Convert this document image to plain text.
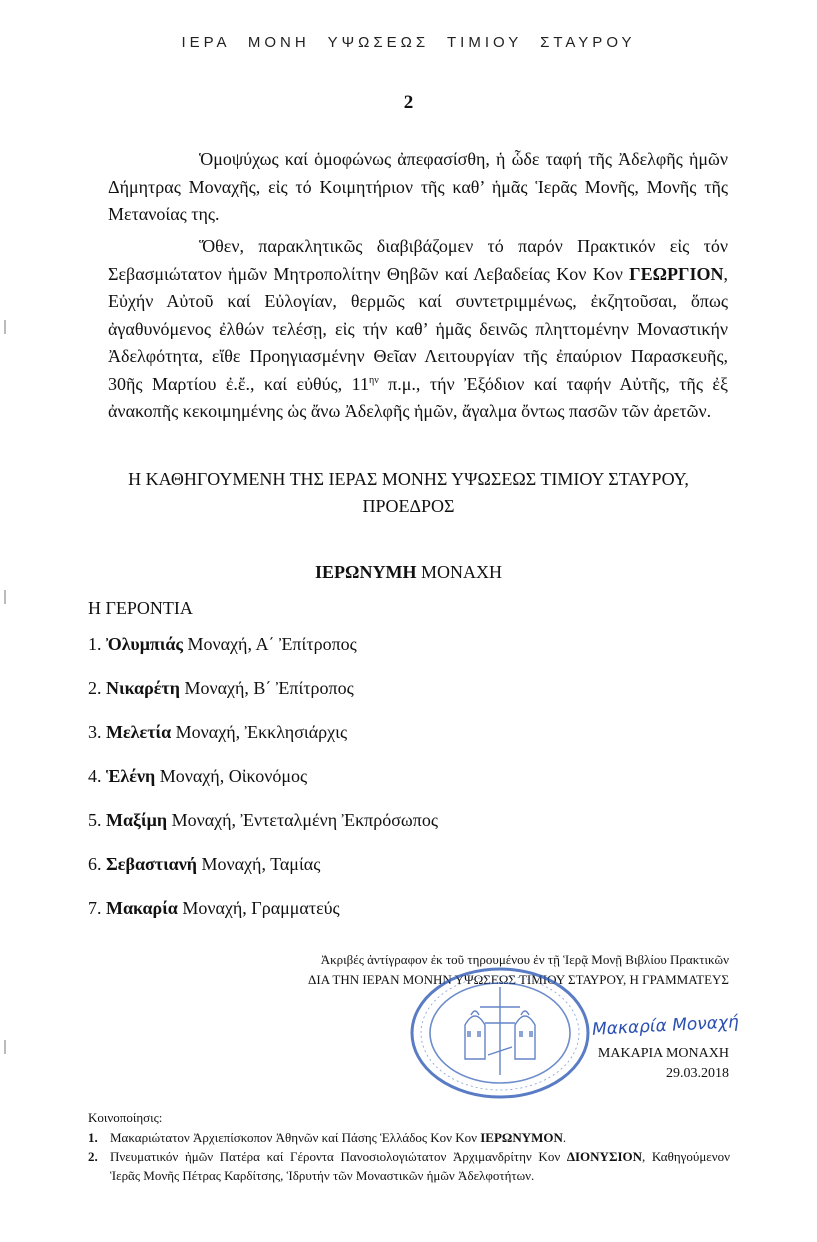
ΙΕΡΑ ΜΟΝΗ ΥΨΩΣΕΩΣ ΤΙΜΙΟΥ ΣΤΑΥΡΟΥ
2

Ὁμοψύχως καί ὁμοφώνως ἀπεφασίσθη, ἡ ὧδε ταφή τῆς Ἀδελφῆς ἡμῶν Δήμητρας Μοναχῆς, εἰς τό Κοιμητήριον τῆς καθ’ ἡμᾶς Ἱερᾶς Μονῆς, Μονῆς τῆς Μετανοίας της.

Ὅθεν, παρακλητικῶς διαβιβάζομεν τό παρόν Πρακτικόν εἰς τόν Σεβασμιώτατον ἡμῶν Μητροπολίτην Θηβῶν καί Λεβαδείας Κον Κον ΓΕΩΡΓΙΟΝ, Εὐχήν Αὐτοῦ καί Εὐλογίαν, θερμῶς καί συντετριμμένως, ἐκζητοῦσαι, ὅπως ἀγαθυνόμενος ἐλθών τελέσῃ, εἰς τήν καθ’ ἡμᾶς δεινῶς πληττομένην Μοναστικήν Ἀδελφότητα, εἴθε Προηγιασμένην Θεῖαν Λειτουργίαν τῆς ἐπαύριον Παρασκευῆς, 30ῆς Μαρτίου ἐ.ἔ., καί εὐθύς, $11^{\eta\nu}$ π.μ., τήν Ἐξόδιον καί ταφήν Αὐτῆς, τῆς ἐξ ἀνακοπῆς κεκοιμημένης ὡς ἄνω Ἀδελφῆς ἡμῶν, ἄγαλμα ὄντως πασῶν τῶν ἀρετῶν.

Η ΚΑΘΗΓΟΥΜΕΝΗ ΤΗΣ ΙΕΡΑΣ ΜΟΝΗΣ ΥΨΩΣΕΩΣ ΤΙΜΙΟΥ ΣΤΑΥΡΟΥ,
ΠΡΟΕΔΡΟΣ
ΙΕΡΩΝΥΜΗ ΜΟΝΑΧΗ
Η ΓΕΡΟΝΤΙΑ
1. Ὀλυμπιάς Μοναχή, Α΄ Ἐπίτροπος
2. Νικαρέτη Μοναχή, Β΄ Ἐπίτροπος
3. Μελετία Μοναχή, Ἐκκλησιάρχις
4. Ἑλένη Μοναχή, Οἰκονόμος
5. Μαξίμη Μοναχή, Ἐντεταλμένη Ἐκπρόσωπος
6. Σεβαστιανή Μοναχή, Ταμίας
7. Μακαρία Μοναχή, Γραμματεύς
Ἀκριβές ἀντίγραφον ἐκ τοῦ τηρουμένου ἐν τῇ Ἱερᾷ Μονῇ Βιβλίου Πρακτικῶν
ΔΙΑ ΤΗΝ ΙΕΡΑΝ ΜΟΝΗΝ ΥΨΩΣΕΩΣ ΤΙΜΙΟΥ ΣΤΑΥΡΟΥ, Η ΓΡΑΜΜΑΤΕΥΣ
Μακαρία Μοναχή
ΜΑΚΑΡΙΑ ΜΟΝΑΧΗ
29.03.2018
Κοινοποίησις:
1. Μακαριώτατον Ἀρχιεπίσκοπον Ἀθηνῶν καί Πάσης Ἑλλάδος Κον Κον ΙΕΡΩΝΥΜΟΝ.
2. Πνευματικόν ἡμῶν Πατέρα καί Γέροντα Πανοσιολογιώτατον Ἀρχιμανδρίτην Κον ΔΙΟΝΥΣΙΟΝ, Καθηγούμενον Ἱερᾶς Μονῆς Πέτρας Καρδίτσης, Ἱδρυτήν τῶν Μοναστικῶν ἡμῶν Ἀδελφοτήτων.
